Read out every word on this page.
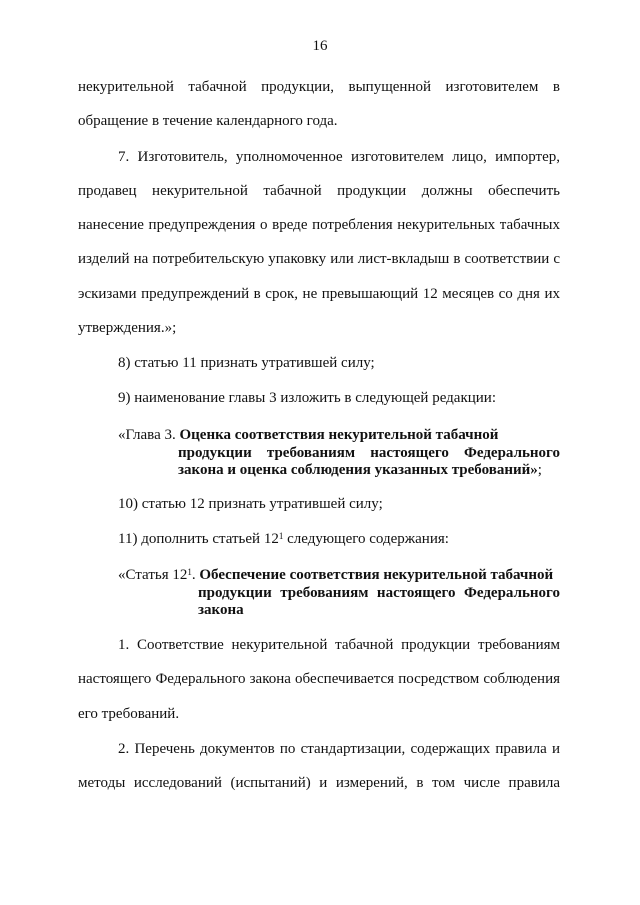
16
некурительной табачной продукции, выпущенной изготовителем в
обращение в течение календарного года.
7. Изготовитель, уполномоченное изготовителем лицо, импортер,
продавец некурительной табачной продукции должны обеспечить
нанесение предупреждения о вреде потребления некурительных табачных
изделий на потребительскую упаковку или лист-вкладыш в соответствии с
эскизами предупреждений в срок, не превышающий 12 месяцев со дня их
утверждения.»;
8) статью 11 признать утратившей силу;
9) наименование главы 3 изложить в следующей редакции:
«Глава 3. Оценка соответствия некурительной табачной
продукции требованиям настоящего Федерального
закона и оценка соблюдения указанных требований»;
10) статью 12 признать утратившей силу;
11) дополнить статьей $12^1$ следующего содержания:
«Статья $12^1$. Обеспечение соответствия некурительной табачной
продукции требованиям настоящего Федерального
закона
1. Соответствие некурительной табачной продукции требованиям
настоящего Федерального закона обеспечивается посредством соблюдения
его требований.
2. Перечень документов по стандартизации, содержащих правила и
методы исследований (испытаний) и измерений, в том числе правила
